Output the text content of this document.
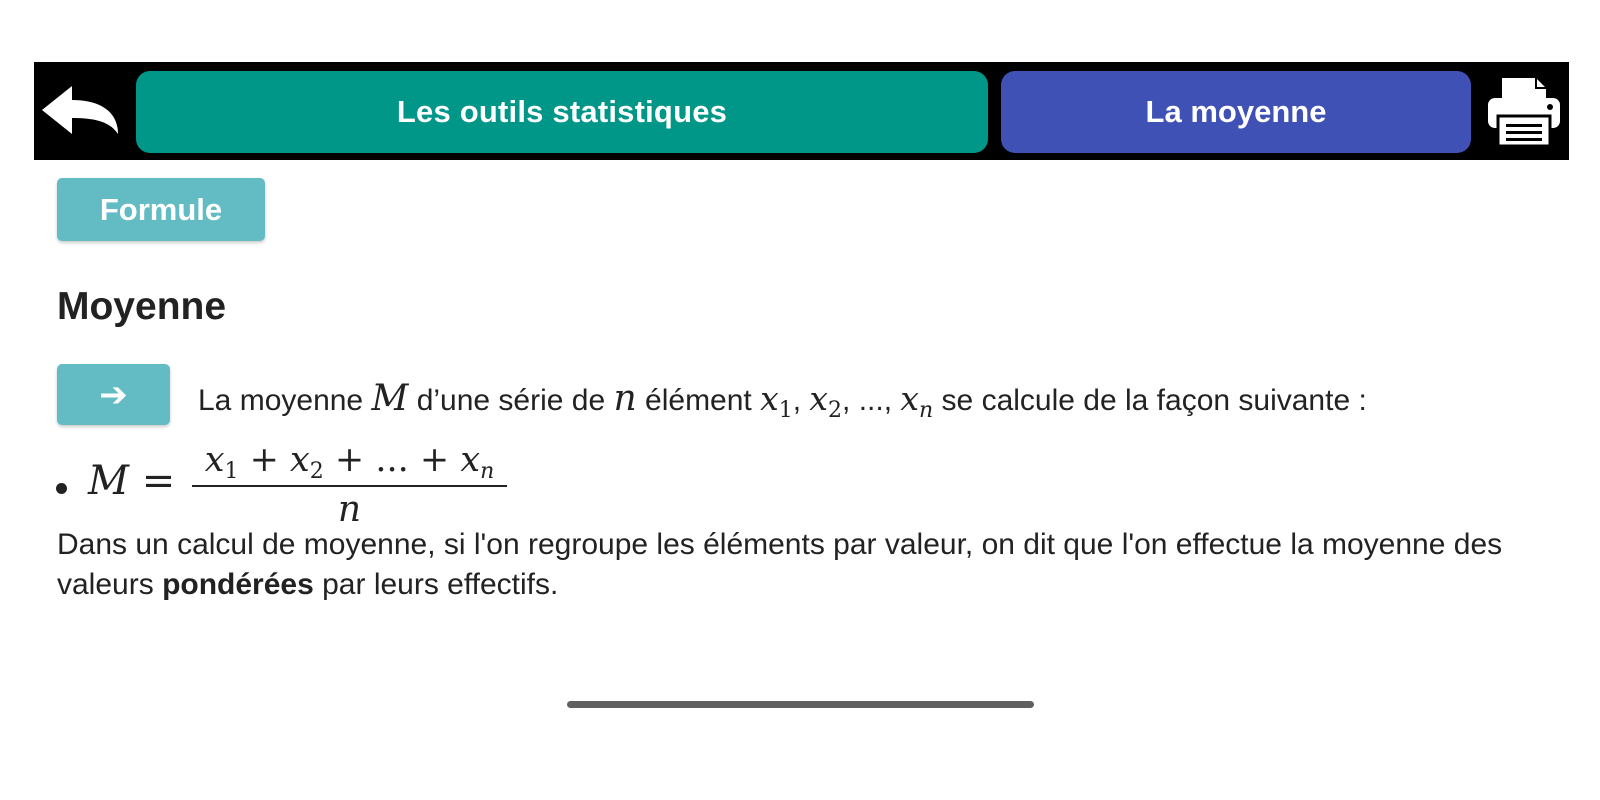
Les outils statistiques	La moyenne
Formule
Moyenne
➔ La moyenne M d’une série de n élément $x_1$, $x_2$, ..., $x_n$ se calcule de la façon suivante :
$M = x_1 + x_2$ + ... + $x_n$
n

Dans un calcul de moyenne, si l'on regroupe les éléments par valeur, on dit que l'on effectue la moyenne des valeurs pondérées par leurs effectifs.
